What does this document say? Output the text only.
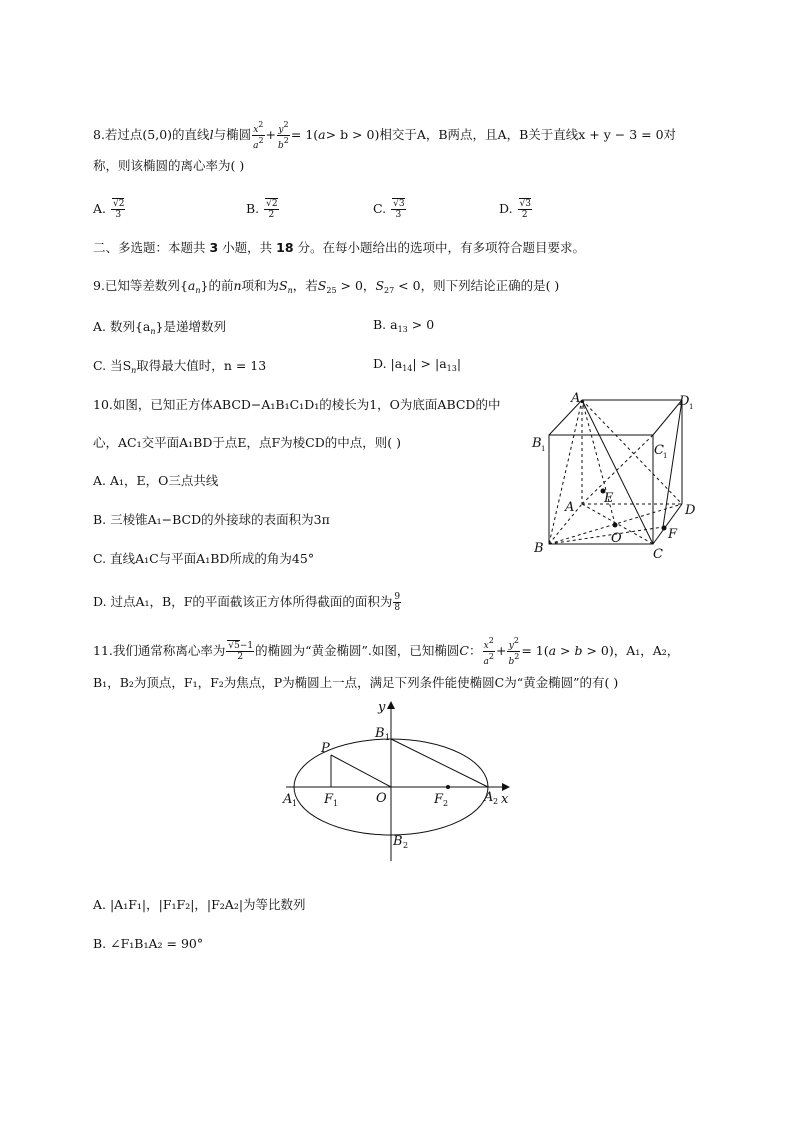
8.若过点(5,0)的直线l与椭圆 $\frac{x^2}{a^2} + \frac{y^2}{b^2} = 1(a> b > 0)$相交于A，B两点，且A，B关于直线x + y − 3 = 0对
称，则该椭圆的离心率为( )
A. $\frac{√2}{3}$	B. $\frac{√2}{2}$	C. $\frac{√3}{3}$	D. $\frac{√3}{2}$
二、多选题：本题共 3 小题，共 18 分。在每小题给出的选项中，有多项符合题目要求。
9.已知等差数列$\{a_n\}$的前n项和为$S_n$，若$S_{25} > 0$，$S_{27} < 0$，则下列结论正确的是( )
A. 数列$\{a_n\}$是递增数列	B. $a_{13} > 0$
C. 当$S_n$取得最大值时，n = 13	D. $|a_{14}| > |a_{13}|$
10.如图，已知正方体ABCD−A₁B₁C₁D₁的棱长为1，O为底面ABCD的中
心，AC₁交平面A₁BD于点E，点F为棱CD的中点，则( )
A. A₁，E，O三点共线
B. 三棱锥A₁−BCD的外接球的表面积为3π
C. 直线A₁C与平面A₁BD所成的角为45°
D. 过点A₁，B，F的平面截该正方体所得截面的面积为 $\frac{9}{8}$
A 1	D 1
B 1	C 1
A	D
E
B
O	F
C
11.我们通常称离心率为 $\frac{√5-1}{2}$ 的椭圆为“黄金椭圆”.如图，已知椭圆C： $\frac{x^2}{a^2} + \frac{y^2}{b^2} = 1(a > b > 0)$，A₁，A₂，
B₁，B₂为顶点，F₁，F₂为焦点，P为椭圆上一点，满足下列条件能使椭圆C为“黄金椭圆”的有( )
y
x
P
B 1
F 1	O	F 2
A 1	A 2
B 2
A. |A₁F₁|，|F₁F₂|，|F₂A₂|为等比数列
B. ∠F₁B₁A₂ = 90°
